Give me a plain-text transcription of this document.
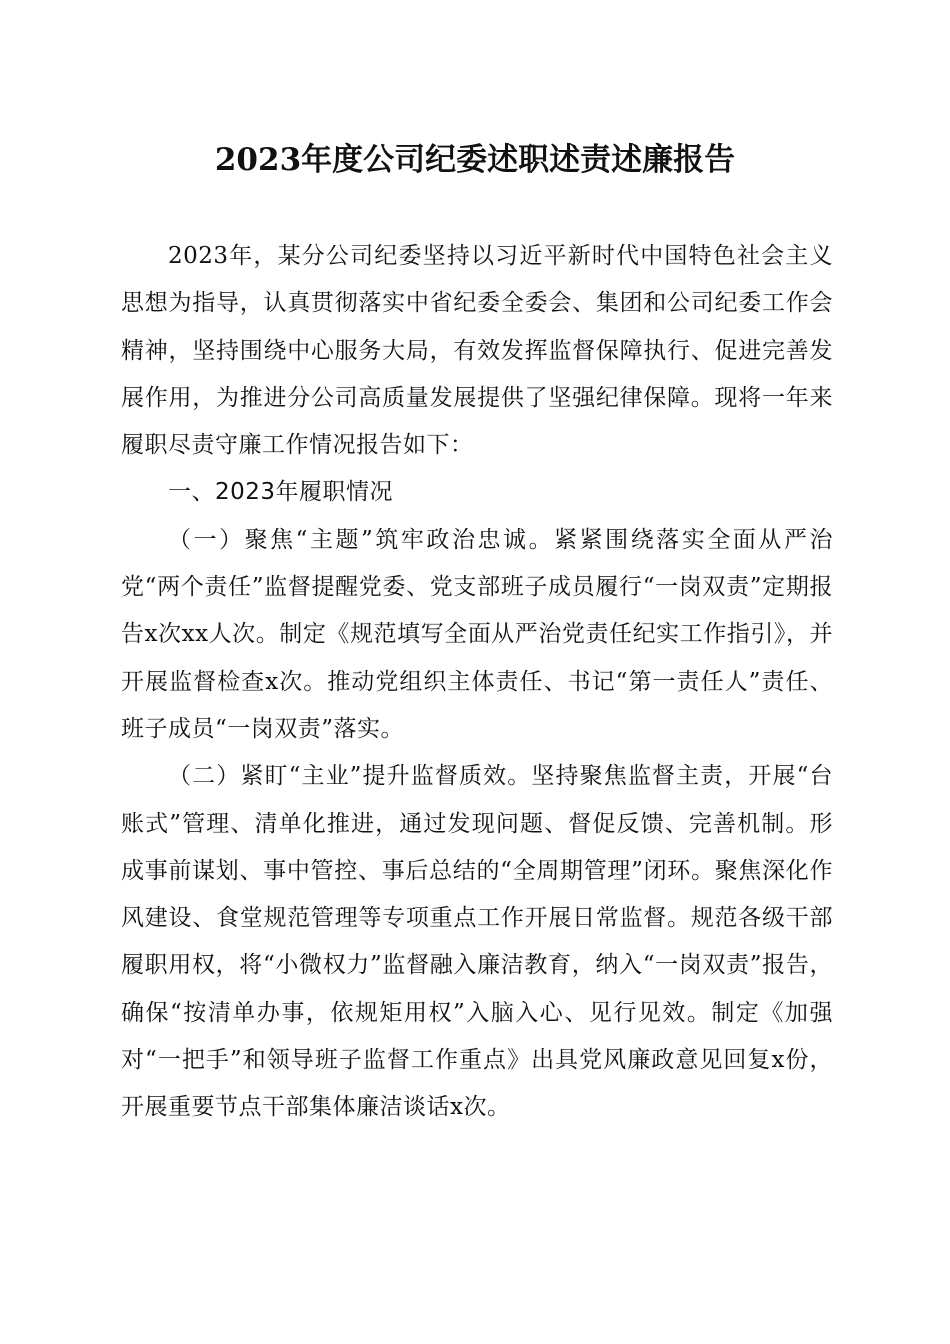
2023年度公司纪委述职述责述廉报告

2023年，某分公司纪委坚持以习近平新时代中国特色社会主义思想为指导，认真贯彻落实中省纪委全委会、集团和公司纪委工作会精神，坚持围绕中心服务大局，有效发挥监督保障执行、促进完善发展作用，为推进分公司高质量发展提供了坚强纪律保障。现将一年来履职尽责守廉工作情况报告如下：

一、2023年履职情况

（一）聚焦“主题”筑牢政治忠诚。紧紧围绕落实全面从严治党“两个责任”监督提醒党委、党支部班子成员履行“一岗双责”定期报告x次xx人次。制定《规范填写全面从严治党责任纪实工作指引》，并开展监督检查x次。推动党组织主体责任、书记“第一责任人”责任、班子成员“一岗双责”落实。

（二）紧盯“主业”提升监督质效。坚持聚焦监督主责，开展“台账式”管理、清单化推进，通过发现问题、督促反馈、完善机制。形成事前谋划、事中管控、事后总结的“全周期管理”闭环。聚焦深化作风建设、食堂规范管理等专项重点工作开展日常监督。规范各级干部履职用权，将“小微权力”监督融入廉洁教育，纳入“一岗双责”报告，确保“按清单办事，依规矩用权”入脑入心、见行见效。制定《加强对“一把手”和领导班子监督工作重点》出具党风廉政意见回复x份，开展重要节点干部集体廉洁谈话x次。
